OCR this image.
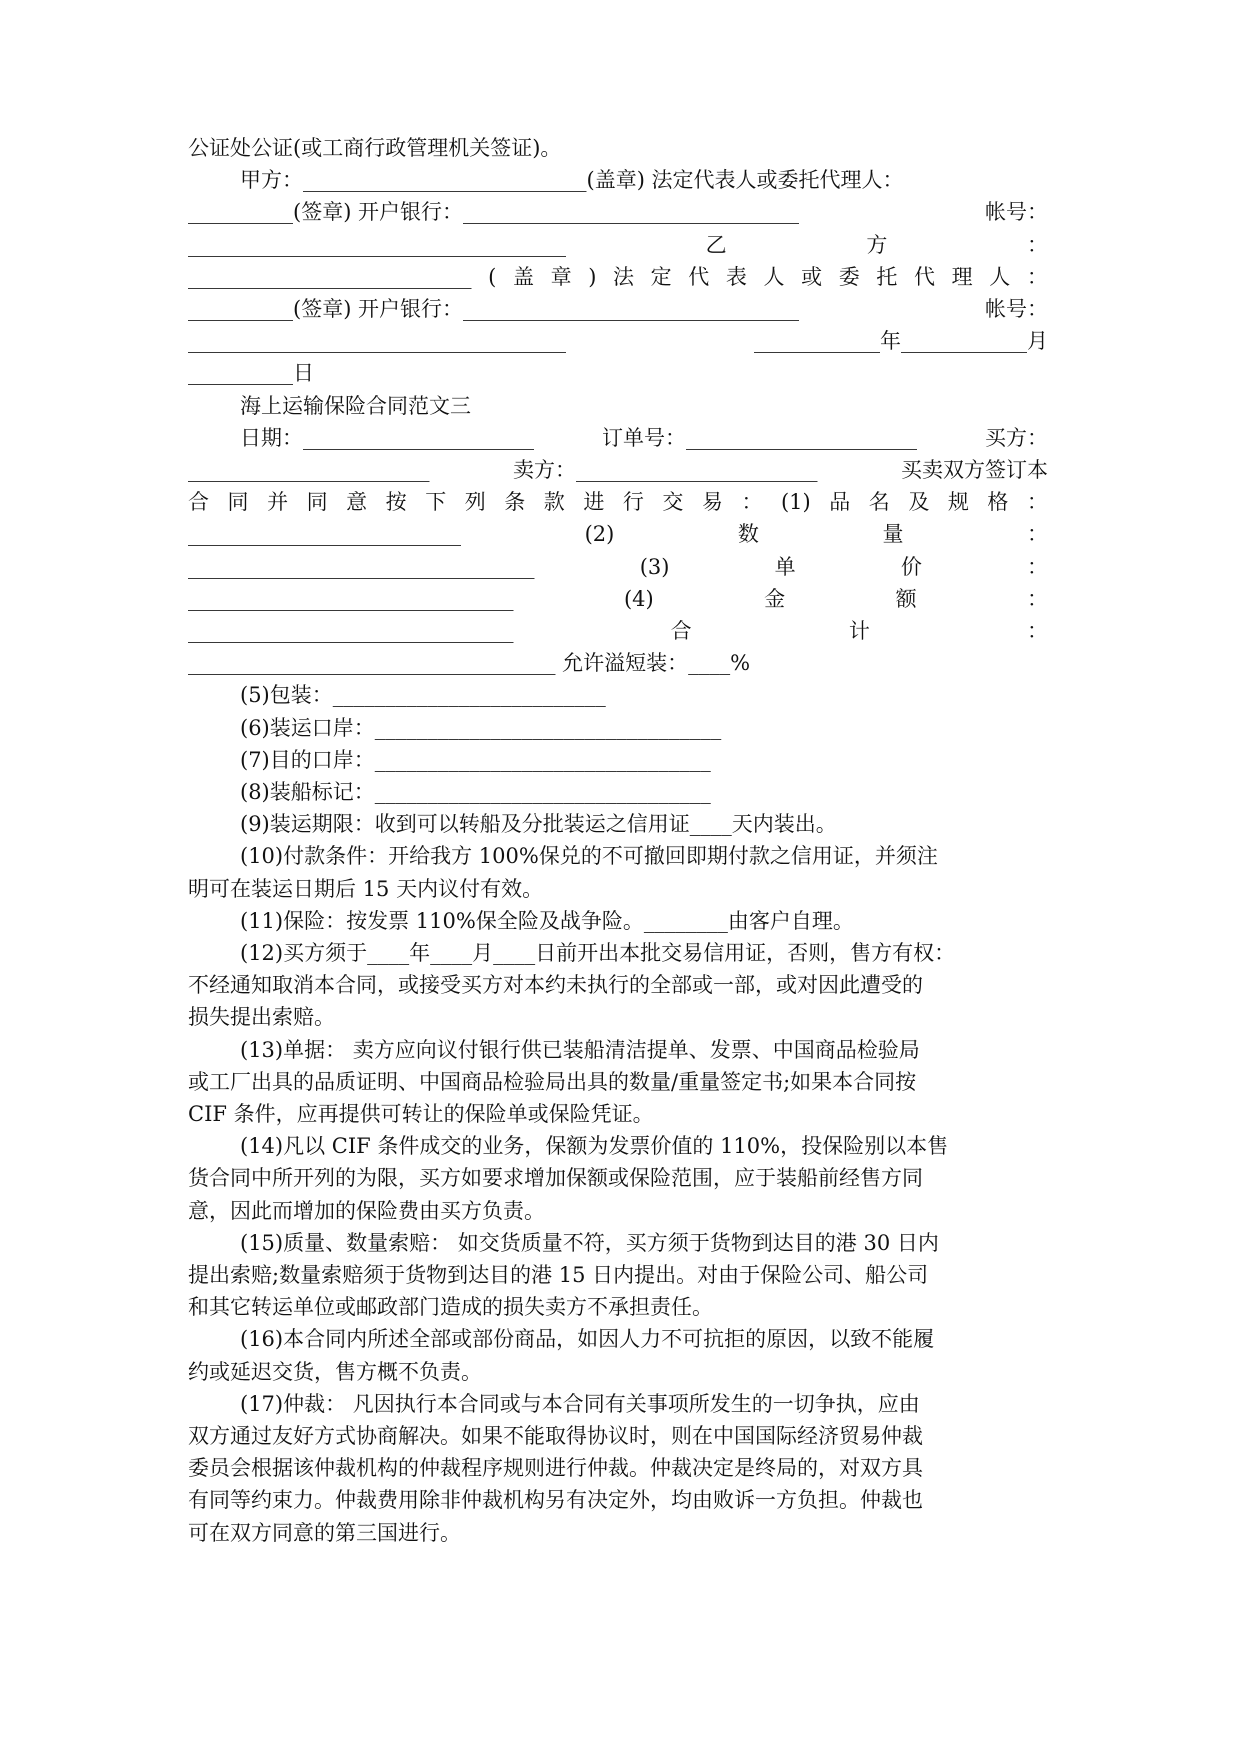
公证处公证(或工商行政管理机关签证)。
甲方：___________________________(盖章) 法定代表人或委托代理人：
__________(签章) 开户银行：________________________________	帐号：
____________________________________	乙	方	：
___________________________ ( 盖 章 ) 法 定 代 表 人 或 委 托 代 理 人 ：
__________(签章) 开户银行：________________________________	帐号：
____________________________________	____________年____________月
__________日
海上运输保险合同范文三
日期：______________________	订单号：______________________	买方：
_______________________	卖方：_______________________	买卖双方签订本
合 同 并 同 意 按 下 列 条 款 进 行 交 易 ： (1) 品 名 及 规 格 ：
__________________________	(2)	数	量	：
_________________________________	(3)	单	价	：
_______________________________	(4)	金	额	：
_______________________________	合	计	：
___________________________________ 允许溢短装：____%
(5)包装：__________________________
(6)装运口岸：_________________________________
(7)目的口岸：________________________________
(8)装船标记：________________________________
(9)装运期限：收到可以转船及分批装运之信用证____天内装出。
(10)付款条件：开给我方 100%保兑的不可撤回即期付款之信用证，并须注
明可在装运日期后 15 天内议付有效。
(11)保险：按发票 110%保全险及战争险。________由客户自理。
(12)买方须于____年____月____日前开出本批交易信用证，否则，售方有权：
不经通知取消本合同，或接受买方对本约未执行的全部或一部，或对因此遭受的
损失提出索赔。
(13)单据： 卖方应向议付银行供已装船清洁提单、发票、中国商品检验局
或工厂出具的品质证明、中国商品检验局出具的数量/重量签定书;如果本合同按
CIF 条件，应再提供可转让的保险单或保险凭证。
(14)凡以 CIF 条件成交的业务，保额为发票价值的 110%，投保险别以本售
货合同中所开列的为限，买方如要求增加保额或保险范围，应于装船前经售方同
意，因此而增加的保险费由买方负责。
(15)质量、数量索赔： 如交货质量不符，买方须于货物到达目的港 30 日内
提出索赔;数量索赔须于货物到达目的港 15 日内提出。对由于保险公司、船公司
和其它转运单位或邮政部门造成的损失卖方不承担责任。
(16)本合同内所述全部或部份商品，如因人力不可抗拒的原因，以致不能履
约或延迟交货，售方概不负责。
(17)仲裁： 凡因执行本合同或与本合同有关事项所发生的一切争执，应由
双方通过友好方式协商解决。如果不能取得协议时，则在中国国际经济贸易仲裁
委员会根据该仲裁机构的仲裁程序规则进行仲裁。仲裁决定是终局的，对双方具
有同等约束力。仲裁费用除非仲裁机构另有决定外，均由败诉一方负担。仲裁也
可在双方同意的第三国进行。
